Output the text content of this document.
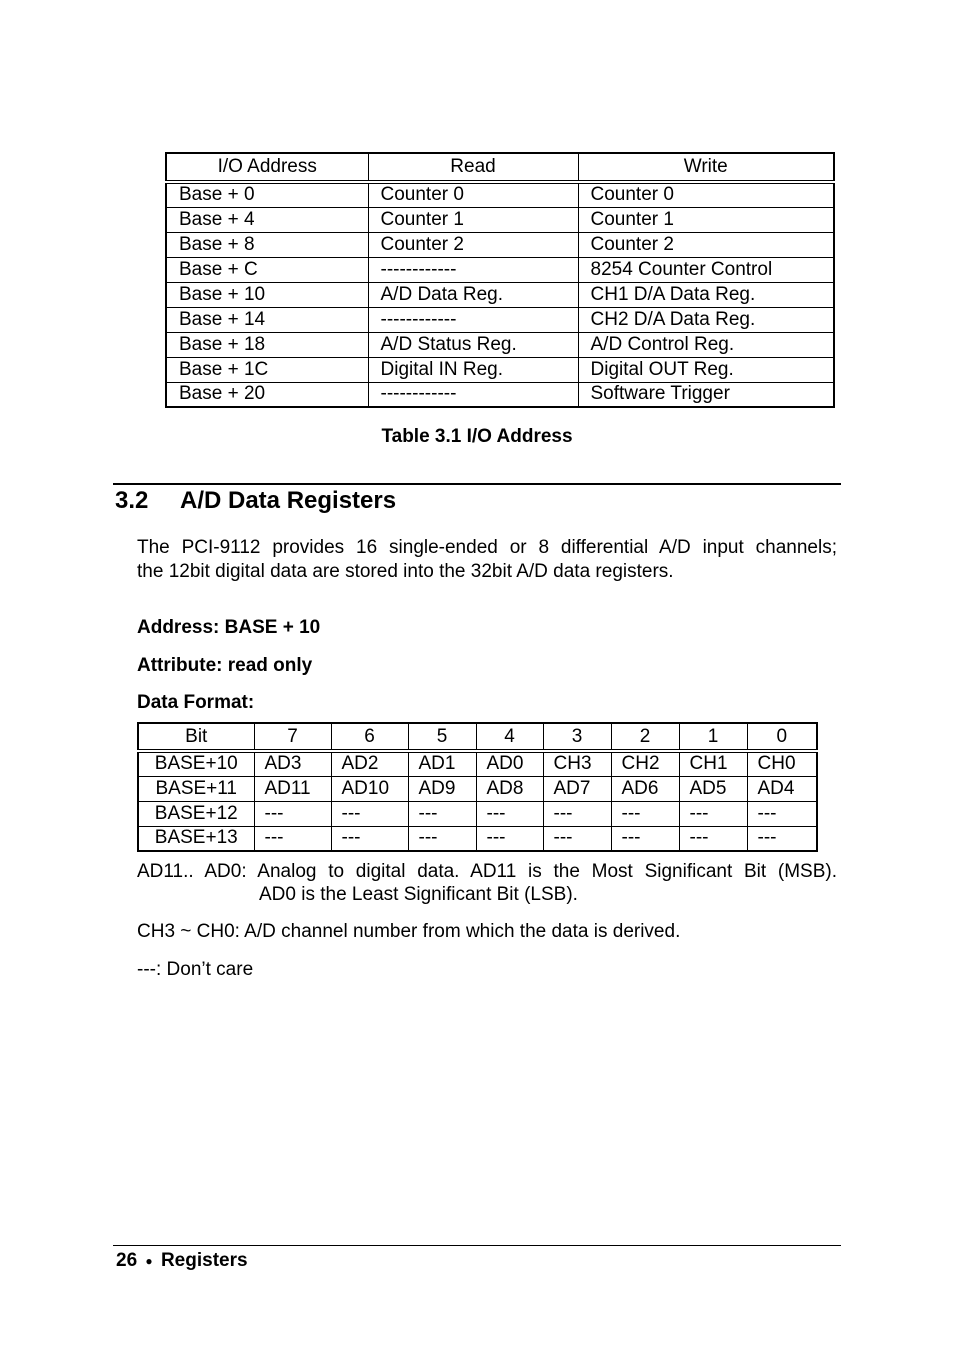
I/O Address	Read	Write
Base + 0	Counter 0	Counter 0
Base + 4	Counter 1	Counter 1
Base + 8	Counter 2	Counter 2
Base + C	------------	8254 Counter Control
Base + 10	A/D Data Reg.	CH1 D/A Data Reg.
Base + 14	------------	CH2 D/A Data Reg.
Base + 18	A/D Status Reg.	A/D Control Reg.
Base + 1C	Digital IN Reg.	Digital OUT Reg.
Base + 20	------------	Software Trigger
Table 3.1 I/O Address
3.2 A/D Data Registers
The PCI-9112 provides 16 single-ended or 8 differential A/D input channels;
the 12bit digital data are stored into the 32bit A/D data registers.
Address: BASE + 10
Attribute: read only
Data Format:
Bit	7	6	5	4	3	2	1	0
BASE+10	AD3	AD2	AD1	AD0	CH3	CH2	CH1	CH0
BASE+11	AD11	AD10	AD9	AD8	AD7	AD6	AD5	AD4
BASE+12	---	---	---	---	---	---	---	---
BASE+13	---	---	---	---	---	---	---	---
AD11.. AD0: Analog to digital data. AD11 is the Most Significant Bit (MSB).
AD0 is the Least Significant Bit (LSB).
CH3 ~ CH0: A/D channel number from which the data is derived.
---: Don’t care
26 ● Registers
